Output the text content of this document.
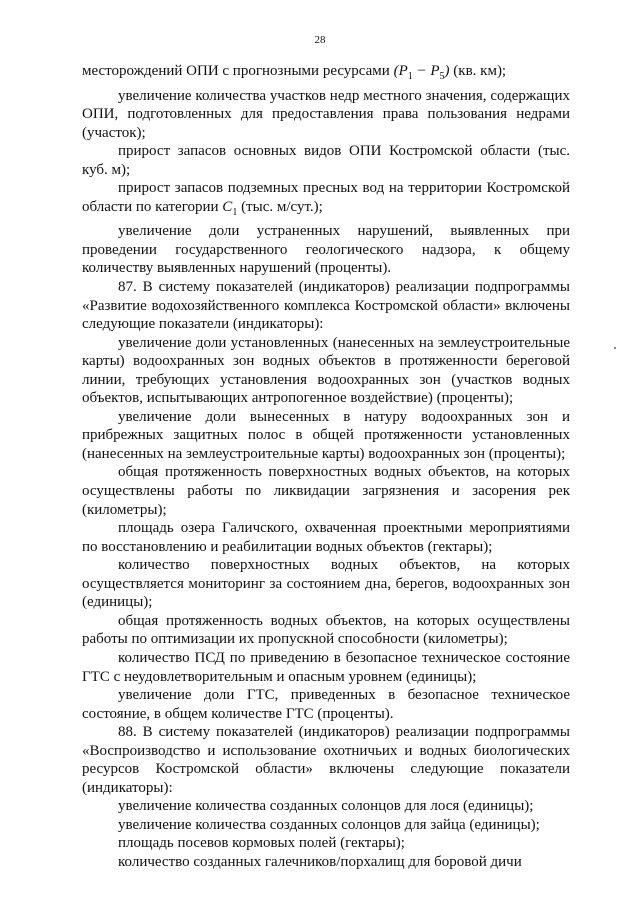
28

месторождений ОПИ с прогнозными ресурсами $(P_1 - P_5)$ (кв. км);

увеличение количества участков недр местного значения, содержащих ОПИ, подготовленных для предоставления права пользования недрами (участок);

прирост запасов основных видов ОПИ Костромской области (тыс. куб. м);

прирост запасов подземных пресных вод на территории Костромской области по категории $C_1$ (тыс. м/сут.);

увеличение доли устраненных нарушений, выявленных при проведении государственного геологического надзора, к общему количеству выявленных нарушений (проценты).

87. В систему показателей (индикаторов) реализации подпрограммы «Развитие водохозяйственного комплекса Костромской области» включены следующие показатели (индикаторы):

увеличение доли установленных (нанесенных на землеустроительные карты) водоохранных зон водных объектов в протяженности береговой линии, требующих установления водоохранных зон (участков водных объектов, испытывающих антропогенное воздействие) (проценты);

увеличение доли вынесенных в натуру водоохранных зон и прибрежных защитных полос в общей протяженности установленных (нанесенных на землеустроительные карты) водоохранных зон (проценты);

общая протяженность поверхностных водных объектов, на которых осуществлены работы по ликвидации загрязнения и засорения рек (километры);

площадь озера Галичского, охваченная проектными мероприятиями по восстановлению и реабилитации водных объектов (гектары);

количество поверхностных водных объектов, на которых осуществляется мониторинг за состоянием дна, берегов, водоохранных зон (единицы);

общая протяженность водных объектов, на которых осуществлены работы по оптимизации их пропускной способности (километры);

количество ПСД по приведению в безопасное техническое состояние ГТС с неудовлетворительным и опасным уровнем (единицы);

увеличение доли ГТС, приведенных в безопасное техническое состояние, в общем количестве ГТС (проценты).

88. В систему показателей (индикаторов) реализации подпрограммы «Воспроизводство и использование охотничьих и водных биологических ресурсов Костромской области» включены следующие показатели (индикаторы):

увеличение количества созданных солонцов для лося (единицы);

увеличение количества созданных солонцов для зайца (единицы);

площадь посевов кормовых полей (гектары);

количество созданных галечников/порхалищ для боровой дичи
